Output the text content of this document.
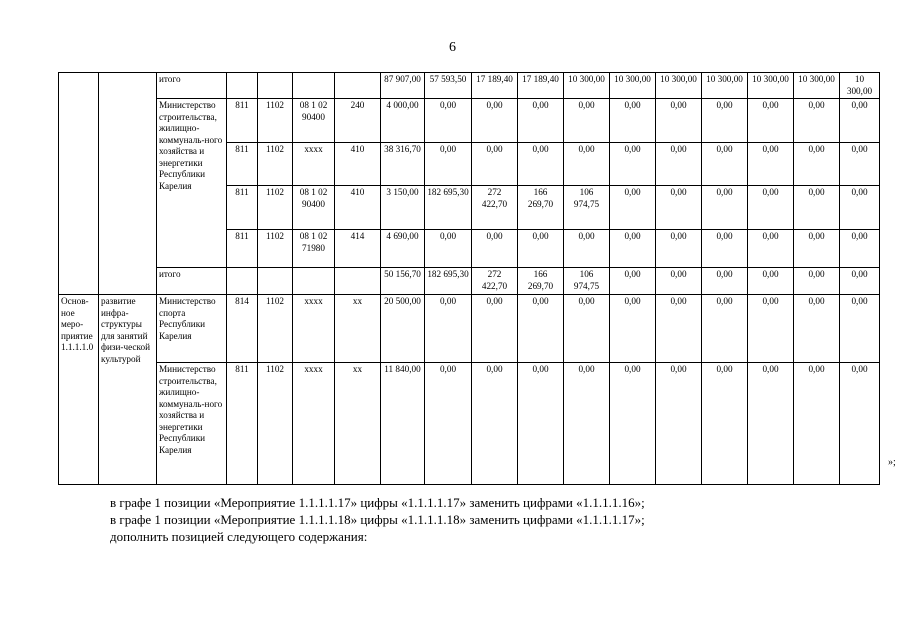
6
		итого					87 907,00	57 593,50	17 189,40	17 189,40	10 300,00	10 300,00	10 300,00	10 300,00	10 300,00	10 300,00	10 300,00
		Министерство строительства, жилищно-коммуналь-ного хозяйства и энергетики Республики Карелия	811	1102	08 1 02 90400	240	4 000,00	0,00	0,00	0,00	0,00	0,00	0,00	0,00	0,00	0,00	0,00
			811	1102	хххх	410	38 316,70	0,00	0,00	0,00	0,00	0,00	0,00	0,00	0,00	0,00	0,00
			811	1102	08 1 02 90400	410	3 150,00	182 695,30	272 422,70	166 269,70	106 974,75	0,00	0,00	0,00	0,00	0,00	0,00
			811	1102	08 1 02 71980	414	4 690,00	0,00	0,00	0,00	0,00	0,00	0,00	0,00	0,00	0,00	0,00
		итого					50 156,70	182 695,30	272 422,70	166 269,70	106 974,75	0,00	0,00	0,00	0,00	0,00	0,00
Основ-ное меро-приятие 1.1.1.1.0	развитие инфра-структуры для занятий физи-ческой культурой	Министерство спорта Республики Карелия	814	1102	хххх	хх	20 500,00	0,00	0,00	0,00	0,00	0,00	0,00	0,00	0,00	0,00	0,00
		Министерство строительства, жилищно-коммуналь-ного хозяйства и энергетики Республики Карелия	811	1102	хххх	хх	11 840,00	0,00	0,00	0,00	0,00	0,00	0,00	0,00	0,00	0,00	0,00
»;

в графе 1 позиции «Мероприятие 1.1.1.1.17» цифры «1.1.1.1.17» заменить цифрами «1.1.1.1.16»;

в графе 1 позиции «Мероприятие 1.1.1.1.18» цифры «1.1.1.1.18» заменить цифрами «1.1.1.1.17»;

дополнить позицией следующего содержания:
